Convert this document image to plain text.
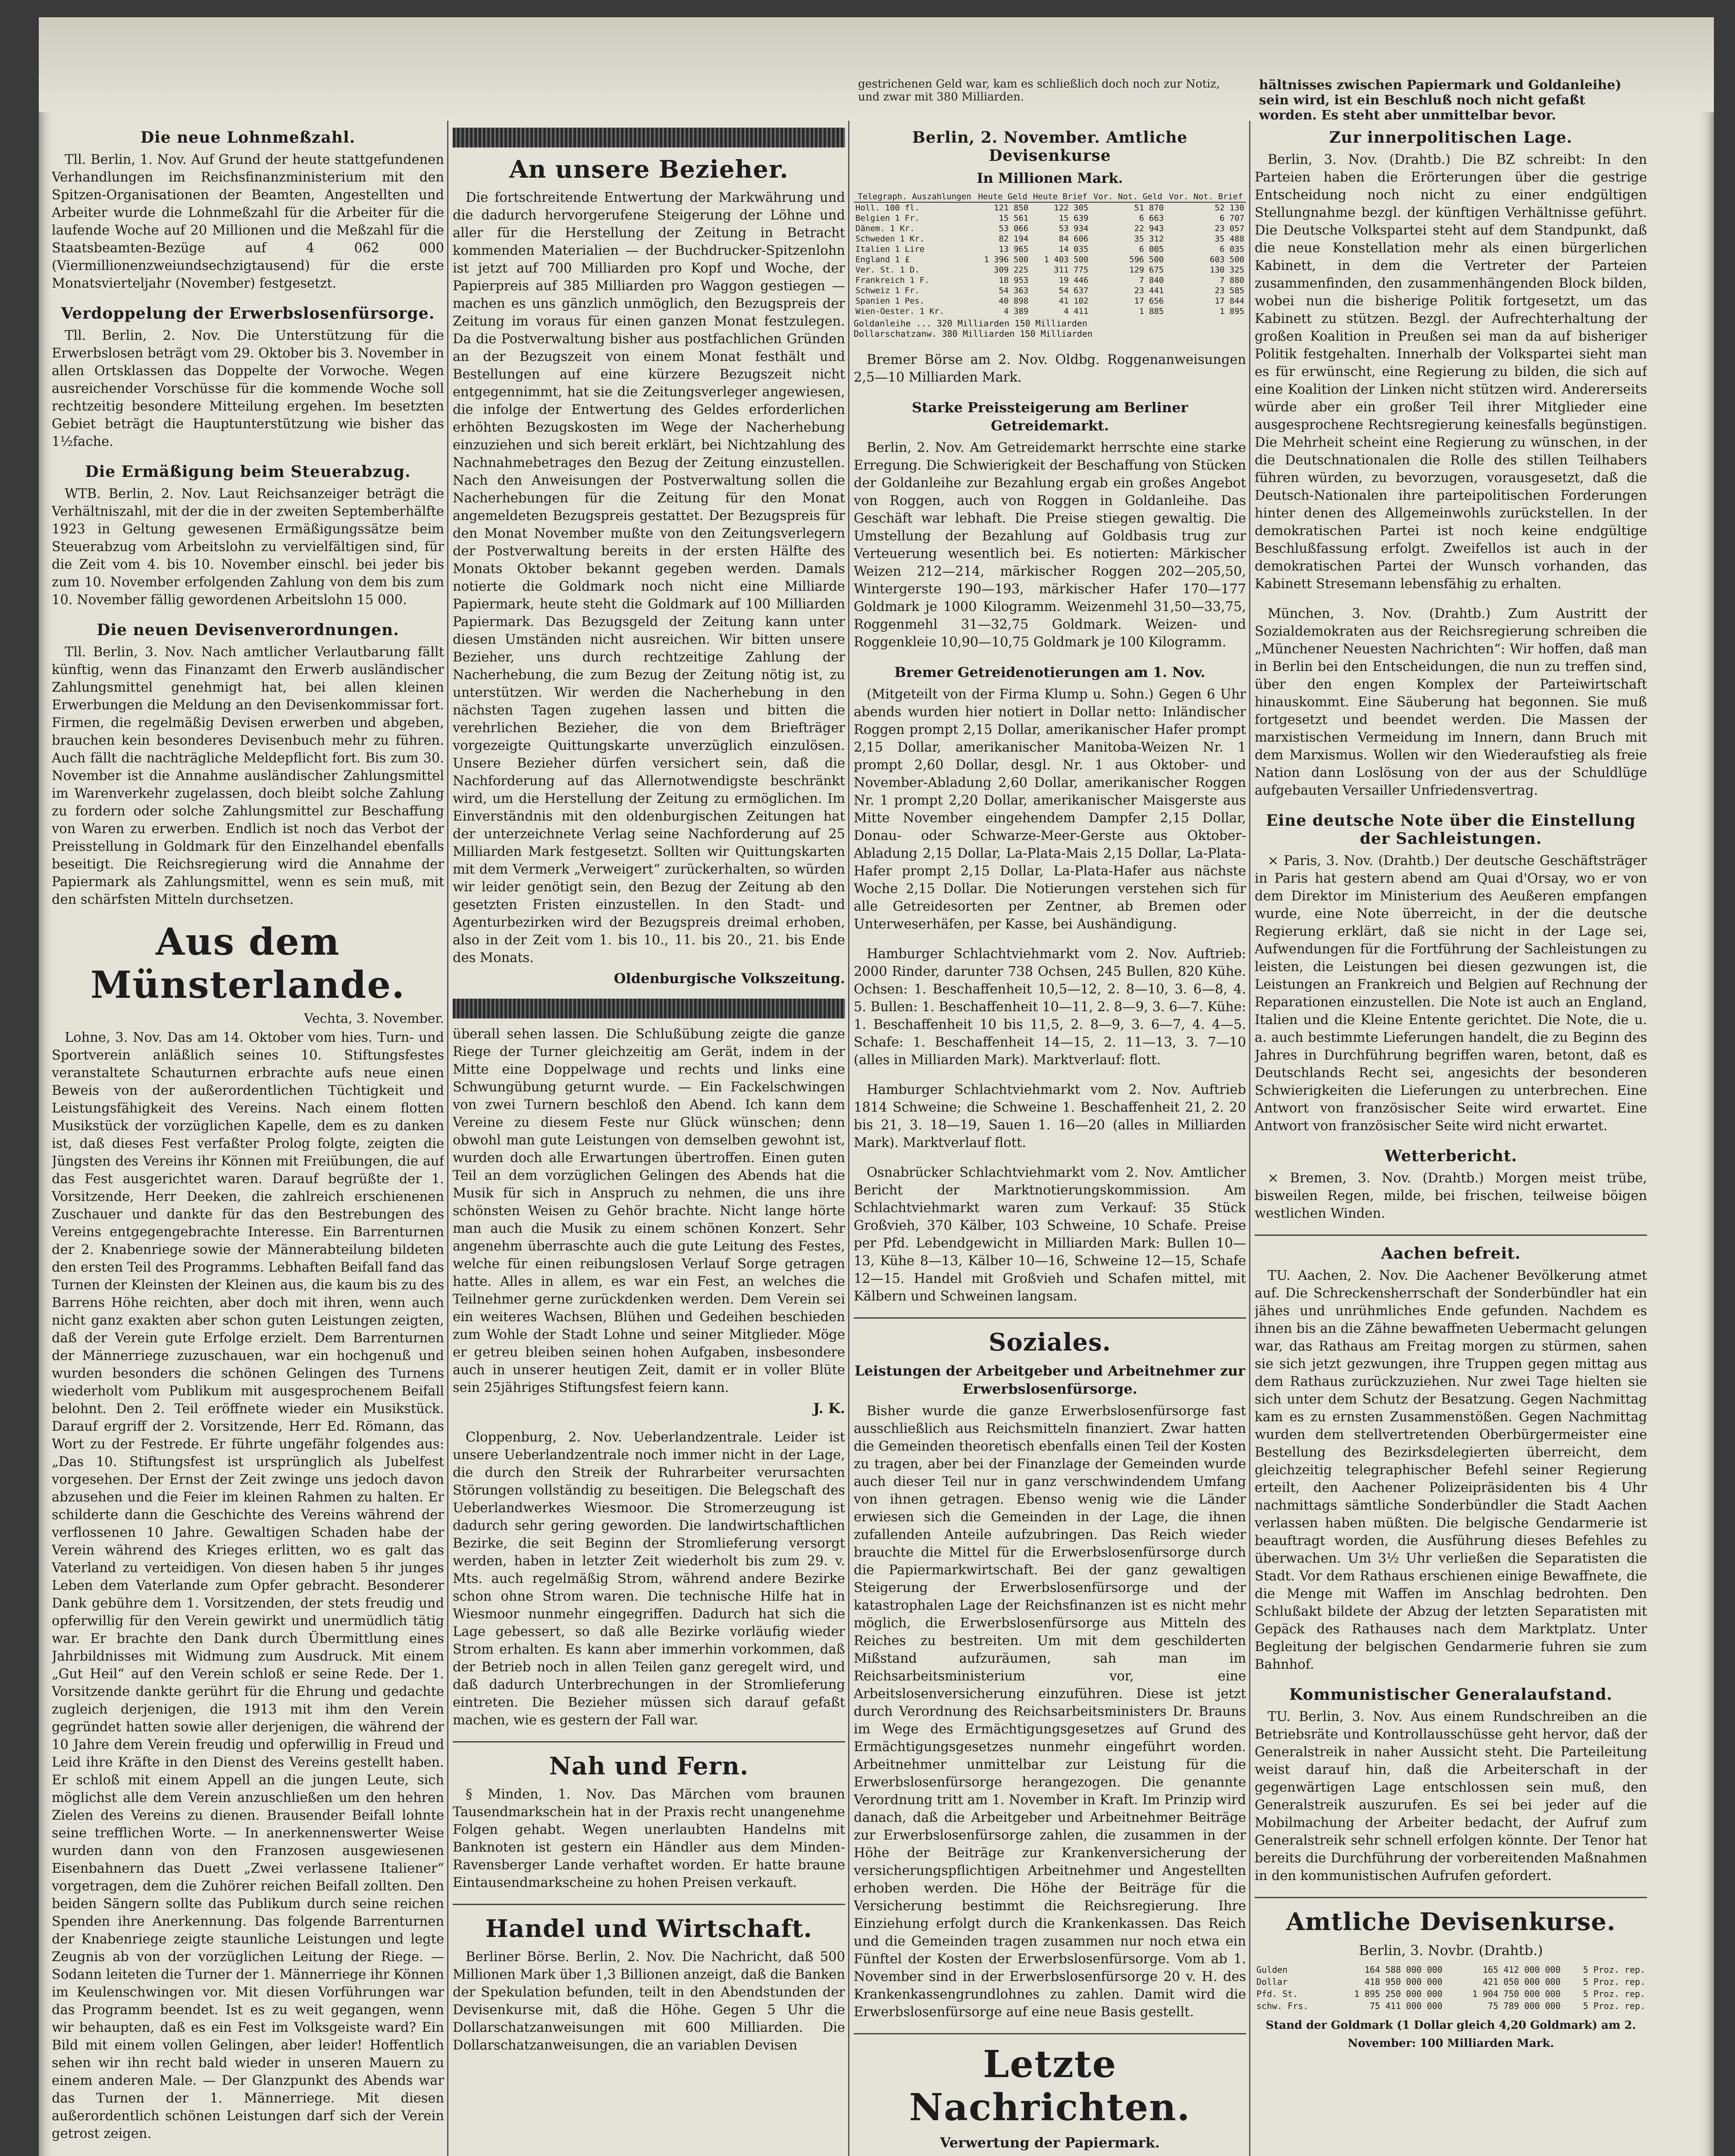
gestrichenen Geld war, kam es schließlich doch noch zur Notiz, und zwar mit 380 Milliarden.
hältnisses zwischen Papiermark und Goldanleihe) sein wird, ist ein Beschluß noch nicht gefaßt worden. Es steht aber unmittelbar bevor.
Die neue Lohnmeßzahl.

Tll. Berlin, 1. Nov. Auf Grund der heute stattgefundenen Verhandlungen im Reichsfinanzministerium mit den Spitzen-Organisationen der Beamten, Angestellten und Arbeiter wurde die Lohnmeßzahl für die Arbeiter für die laufende Woche auf 20 Millionen und die Meßzahl für die Staatsbeamten-Bezüge auf 4 062 000 (Viermillionenzweiundsechzigtausend) für die erste Monatsvierteljahr (November) festgesetzt.

Verdoppelung der Erwerbslosenfürsorge.

Tll. Berlin, 2. Nov. Die Unterstützung für die Erwerbslosen beträgt vom 29. Oktober bis 3. November in allen Ortsklassen das Doppelte der Vorwoche. Wegen ausreichender Vorschüsse für die kommende Woche soll rechtzeitig besondere Mitteilung ergehen. Im besetzten Gebiet beträgt die Hauptunterstützung wie bisher das 1½fache.

Die Ermäßigung beim Steuerabzug.

WTB. Berlin, 2. Nov. Laut Reichsanzeiger beträgt die Verhältniszahl, mit der die in der zweiten Septemberhälfte 1923 in Geltung gewesenen Ermäßigungssätze beim Steuerabzug vom Arbeitslohn zu vervielfältigen sind, für die Zeit vom 4. bis 10. November einschl. bei jeder bis zum 10. November erfolgenden Zahlung von dem bis zum 10. November fällig gewordenen Arbeitslohn 15 000.

Die neuen Devisenverordnungen.

Tll. Berlin, 3. Nov. Nach amtlicher Verlautbarung fällt künftig, wenn das Finanzamt den Erwerb ausländischer Zahlungsmittel genehmigt hat, bei allen kleinen Erwerbungen die Meldung an den Devisenkommissar fort. Firmen, die regelmäßig Devisen erwerben und abgeben, brauchen kein besonderes Devisenbuch mehr zu führen. Auch fällt die nachträgliche Meldepflicht fort. Bis zum 30. November ist die Annahme ausländischer Zahlungsmittel im Warenverkehr zugelassen, doch bleibt solche Zahlung zu fordern oder solche Zahlungsmittel zur Beschaffung von Waren zu erwerben. Endlich ist noch das Verbot der Preisstellung in Goldmark für den Einzelhandel ebenfalls beseitigt. Die Reichsregierung wird die Annahme der Papiermark als Zahlungsmittel, wenn es sein muß, mit den schärfsten Mitteln durchsetzen.

Aus dem Münsterlande.
Vechta, 3. November.

Lohne, 3. Nov. Das am 14. Oktober vom hies. Turn- und Sportverein anläßlich seines 10. Stiftungsfestes veranstaltete Schauturnen erbrachte aufs neue einen Beweis von der außerordentlichen Tüchtigkeit und Leistungsfähigkeit des Vereins. Nach einem flotten Musikstück der vorzüglichen Kapelle, dem es zu danken ist, daß dieses Fest verfaßter Prolog folgte, zeigten die Jüngsten des Vereins ihr Können mit Freiübungen, die auf das Fest ausgerichtet waren. Darauf begrüßte der 1. Vorsitzende, Herr Deeken, die zahlreich erschienenen Zuschauer und dankte für das den Bestrebungen des Vereins entgegengebrachte Interesse. Ein Barrenturnen der 2. Knabenriege sowie der Männerabteilung bildeten den ersten Teil des Programms. Lebhaften Beifall fand das Turnen der Kleinsten der Kleinen aus, die kaum bis zu des Barrens Höhe reichten, aber doch mit ihren, wenn auch nicht ganz exakten aber schon guten Leistungen zeigten, daß der Verein gute Erfolge erzielt. Dem Barrenturnen der Männerriege zuzuschauen, war ein hochgenuß und wurden besonders die schönen Gelingen des Turnens wiederholt vom Publikum mit ausgesprochenem Beifall belohnt. Den 2. Teil eröffnete wieder ein Musikstück. Darauf ergriff der 2. Vorsitzende, Herr Ed. Römann, das Wort zu der Festrede. Er führte ungefähr folgendes aus: „Das 10. Stiftungsfest ist ursprünglich als Jubelfest vorgesehen. Der Ernst der Zeit zwinge uns jedoch davon abzusehen und die Feier im kleinen Rahmen zu halten. Er schilderte dann die Geschichte des Vereins während der verflossenen 10 Jahre. Gewaltigen Schaden habe der Verein während des Krieges erlitten, wo es galt das Vaterland zu verteidigen. Von diesen haben 5 ihr junges Leben dem Vaterlande zum Opfer gebracht. Besonderer Dank gebühre dem 1. Vorsitzenden, der stets freudig und opferwillig für den Verein gewirkt und unermüdlich tätig war. Er brachte den Dank durch Übermittlung eines Jahrbildnisses mit Widmung zum Ausdruck. Mit einem „Gut Heil“ auf den Verein schloß er seine Rede. Der 1. Vorsitzende dankte gerührt für die Ehrung und gedachte zugleich derjenigen, die 1913 mit ihm den Verein gegründet hatten sowie aller derjenigen, die während der 10 Jahre dem Verein freudig und opferwillig in Freud und Leid ihre Kräfte in den Dienst des Vereins gestellt haben. Er schloß mit einem Appell an die jungen Leute, sich möglichst alle dem Verein anzuschließen um den hehren Zielen des Vereins zu dienen. Brausender Beifall lohnte seine trefflichen Worte. — In anerkennenswerter Weise wurden dann von den Franzosen ausgewiesenen Eisenbahnern das Duett „Zwei verlassene Italiener“ vorgetragen, dem die Zuhörer reichen Beifall zollten. Den beiden Sängern sollte das Publikum durch seine reichen Spenden ihre Anerkennung. Das folgende Barrenturnen der Knabenriege zeigte staunliche Leistungen und legte Zeugnis ab von der vorzüglichen Leitung der Riege. — Sodann leiteten die Turner der 1. Männerriege ihr Können im Keulenschwingen vor. Mit diesen Vorführungen war das Programm beendet. Ist es zu weit gegangen, wenn wir behaupten, daß es ein Fest im Volksgeiste ward? Ein Bild mit einem vollen Gelingen, aber leider! Hoffentlich sehen wir ihn recht bald wieder in unseren Mauern zu einem anderen Male. — Der Glanzpunkt des Abends war das Turnen der 1. Männerriege. Mit diesen außerordentlich schönen Leistungen darf sich der Verein getrost zeigen.

An unsere Bezieher.

Die fortschreitende Entwertung der Markwährung und die dadurch hervorgerufene Steigerung der Löhne und aller für die Herstellung der Zeitung in Betracht kommenden Materialien — der Buchdrucker-Spitzenlohn ist jetzt auf 700 Milliarden pro Kopf und Woche, der Papierpreis auf 385 Milliarden pro Waggon gestiegen — machen es uns gänzlich unmöglich, den Bezugspreis der Zeitung im voraus für einen ganzen Monat festzulegen. Da die Postverwaltung bisher aus postfachlichen Gründen an der Bezugszeit von einem Monat festhält und Bestellungen auf eine kürzere Bezugszeit nicht entgegennimmt, hat sie die Zeitungsverleger angewiesen, die infolge der Entwertung des Geldes erforderlichen erhöhten Bezugskosten im Wege der Nacherhebung einzuziehen und sich bereit erklärt, bei Nichtzahlung des Nachnahmebetrages den Bezug der Zeitung einzustellen. Nach den Anweisungen der Postverwaltung sollen die Nacherhebungen für die Zeitung für den Monat angemeldeten Bezugspreis gestattet. Der Bezugspreis für den Monat November mußte von den Zeitungsverlegern der Postverwaltung bereits in der ersten Hälfte des Monats Oktober bekannt gegeben werden. Damals notierte die Goldmark noch nicht eine Milliarde Papiermark, heute steht die Goldmark auf 100 Milliarden Papiermark. Das Bezugsgeld der Zeitung kann unter diesen Umständen nicht ausreichen. Wir bitten unsere Bezieher, uns durch rechtzeitige Zahlung der Nacherhebung, die zum Bezug der Zeitung nötig ist, zu unterstützen. Wir werden die Nacherhebung in den nächsten Tagen zugehen lassen und bitten die verehrlichen Bezieher, die von dem Briefträger vorgezeigte Quittungskarte unverzüglich einzulösen. Unsere Bezieher dürfen versichert sein, daß die Nachforderung auf das Allernotwendigste beschränkt wird, um die Herstellung der Zeitung zu ermöglichen. Im Einverständnis mit den oldenburgischen Zeitungen hat der unterzeichnete Verlag seine Nachforderung auf 25 Milliarden Mark festgesetzt. Sollten wir Quittungskarten mit dem Vermerk „Verweigert“ zurückerhalten, so würden wir leider genötigt sein, den Bezug der Zeitung ab den gesetzten Fristen einzustellen. In den Stadt- und Agenturbezirken wird der Bezugspreis dreimal erhoben, also in der Zeit vom 1. bis 10., 11. bis 20., 21. bis Ende des Monats.

Oldenburgische Volkszeitung.

überall sehen lassen. Die Schlußübung zeigte die ganze Riege der Turner gleichzeitig am Gerät, indem in der Mitte eine Doppelwage und rechts und links eine Schwungübung geturnt wurde. — Ein Fackelschwingen von zwei Turnern beschloß den Abend. Ich kann dem Vereine zu diesem Feste nur Glück wünschen; denn obwohl man gute Leistungen von demselben gewohnt ist, wurden doch alle Erwartungen übertroffen. Einen guten Teil an dem vorzüglichen Gelingen des Abends hat die Musik für sich in Anspruch zu nehmen, die uns ihre schönsten Weisen zu Gehör brachte. Nicht lange hörte man auch die Musik zu einem schönen Konzert. Sehr angenehm überraschte auch die gute Leitung des Festes, welche für einen reibungslosen Verlauf Sorge getragen hatte. Alles in allem, es war ein Fest, an welches die Teilnehmer gerne zurückdenken werden. Dem Verein sei ein weiteres Wachsen, Blühen und Gedeihen beschieden zum Wohle der Stadt Lohne und seiner Mitglieder. Möge er getreu bleiben seinen hohen Aufgaben, insbesondere auch in unserer heutigen Zeit, damit er in voller Blüte sein 25jähriges Stiftungsfest feiern kann.

J. K.

Cloppenburg, 2. Nov. Ueberlandzentrale. Leider ist unsere Ueberlandzentrale noch immer nicht in der Lage, die durch den Streik der Ruhrarbeiter verursachten Störungen vollständig zu beseitigen. Die Belegschaft des Ueberlandwerkes Wiesmoor. Die Stromerzeugung ist dadurch sehr gering geworden. Die landwirtschaftlichen Bezirke, die seit Beginn der Stromlieferung versorgt werden, haben in letzter Zeit wiederholt bis zum 29. v. Mts. auch regelmäßig Strom, während andere Bezirke schon ohne Strom waren. Die technische Hilfe hat in Wiesmoor nunmehr eingegriffen. Dadurch hat sich die Lage gebessert, so daß alle Bezirke vorläufig wieder Strom erhalten. Es kann aber immerhin vorkommen, daß der Betrieb noch in allen Teilen ganz geregelt wird, und daß dadurch Unterbrechungen in der Stromlieferung eintreten. Die Bezieher müssen sich darauf gefaßt machen, wie es gestern der Fall war.

Nah und Fern.

§ Minden, 1. Nov. Das Märchen vom braunen Tausendmarkschein hat in der Praxis recht unangenehme Folgen gehabt. Wegen unerlaubten Handelns mit Banknoten ist gestern ein Händler aus dem Minden-Ravensberger Lande verhaftet worden. Er hatte braune Eintausendmarkscheine zu hohen Preisen verkauft.

Handel und Wirtschaft.

Berliner Börse. Berlin, 2. Nov. Die Nachricht, daß 500 Millionen Mark über 1,3 Billionen anzeigt, daß die Banken der Spekulation befunden, teilt in den Abendstunden der Devisenkurse mit, daß die Höhe. Gegen 5 Uhr die Dollarschatzanweisungen mit 600 Milliarden. Die Dollarschatzanweisungen, die an variablen Devisen

Berlin, 2. November. Amtliche Devisenkurse
In Millionen Mark.
Telegraph. Auszahlungen	Heute Geld	Heute Brief	Vor. Not. Geld	Vor. Not. Brief
Holl. 100 fl.	121 850	122 305	51 870	52 130
Belgien 1 Fr.	15 561	15 639	6 663	6 707
Dänem. 1 Kr.	53 066	53 934	22 943	23 057
Schweden 1 Kr.	82 194	84 606	35 312	35 488
Italien 1 Lire	13 965	14 035	6 005	6 035
England 1 £	1 396 500	1 403 500	596 500	603 500
Ver. St. 1 D.	309 225	311 775	129 675	130 325
Frankreich 1 F.	18 953	19 446	7 840	7 880
Schweiz 1 Fr.	54 363	54 637	23 441	23 585
Spanien 1 Pes.	40 898	41 102	17 656	17 844
Wien-Oester. 1 Kr.	4 389	4 411	1 885	1 895
Goldanleihe ... 320 Milliarden 150 Milliarden
Dollarschatzanw. 380 Milliarden 150 Milliarden

Bremer Börse am 2. Nov. Oldbg. Roggenanweisungen 2,5—10 Milliarden Mark.

Starke Preissteigerung am Berliner Getreidemarkt.

Berlin, 2. Nov. Am Getreidemarkt herrschte eine starke Erregung. Die Schwierigkeit der Beschaffung von Stücken der Goldanleihe zur Bezahlung ergab ein großes Angebot von Roggen, auch von Roggen in Goldanleihe. Das Geschäft war lebhaft. Die Preise stiegen gewaltig. Die Umstellung der Bezahlung auf Goldbasis trug zur Verteuerung wesentlich bei. Es notierten: Märkischer Weizen 212—214, märkischer Roggen 202—205,50, Wintergerste 190—193, märkischer Hafer 170—177 Goldmark je 1000 Kilogramm. Weizenmehl 31,50—33,75, Roggenmehl 31—32,75 Goldmark. Weizen- und Roggenkleie 10,90—10,75 Goldmark je 100 Kilogramm.

Bremer Getreidenotierungen am 1. Nov.

(Mitgeteilt von der Firma Klump u. Sohn.) Gegen 6 Uhr abends wurden hier notiert in Dollar netto: Inländischer Roggen prompt 2,15 Dollar, amerikanischer Hafer prompt 2,15 Dollar, amerikanischer Manitoba-Weizen Nr. 1 prompt 2,60 Dollar, desgl. Nr. 1 aus Oktober- und November-Abladung 2,60 Dollar, amerikanischer Roggen Nr. 1 prompt 2,20 Dollar, amerikanischer Maisgerste aus Mitte November eingehendem Dampfer 2,15 Dollar, Donau- oder Schwarze-Meer-Gerste aus Oktober-Abladung 2,15 Dollar, La-Plata-Mais 2,15 Dollar, La-Plata-Hafer prompt 2,15 Dollar, La-Plata-Hafer aus nächste Woche 2,15 Dollar. Die Notierungen verstehen sich für alle Getreidesorten per Zentner, ab Bremen oder Unterweserhäfen, per Kasse, bei Aushändigung.

Hamburger Schlachtviehmarkt vom 2. Nov. Auftrieb: 2000 Rinder, darunter 738 Ochsen, 245 Bullen, 820 Kühe. Ochsen: 1. Beschaffenheit 10,5—12, 2. 8—10, 3. 6—8, 4. 5. Bullen: 1. Beschaffenheit 10—11, 2. 8—9, 3. 6—7. Kühe: 1. Beschaffenheit 10 bis 11,5, 2. 8—9, 3. 6—7, 4. 4—5. Schafe: 1. Beschaffenheit 14—15, 2. 11—13, 3. 7—10 (alles in Milliarden Mark). Marktverlauf: flott.

Hamburger Schlachtviehmarkt vom 2. Nov. Auftrieb 1814 Schweine; die Schweine 1. Beschaffenheit 21, 2. 20 bis 21, 3. 18—19, Sauen 1. 16—20 (alles in Milliarden Mark). Marktverlauf flott.

Osnabrücker Schlachtviehmarkt vom 2. Nov. Amtlicher Bericht der Marktnotierungskommission. Am Schlachtviehmarkt waren zum Verkauf: 35 Stück Großvieh, 370 Kälber, 103 Schweine, 10 Schafe. Preise per Pfd. Lebendgewicht in Milliarden Mark: Bullen 10—13, Kühe 8—13, Kälber 10—16, Schweine 12—15, Schafe 12—15. Handel mit Großvieh und Schafen mittel, mit Kälbern und Schweinen langsam.

Soziales.
Leistungen der Arbeitgeber und Arbeitnehmer zur Erwerbslosenfürsorge.

Bisher wurde die ganze Erwerbslosenfürsorge fast ausschließlich aus Reichsmitteln finanziert. Zwar hatten die Gemeinden theoretisch ebenfalls einen Teil der Kosten zu tragen, aber bei der Finanzlage der Gemeinden wurde auch dieser Teil nur in ganz verschwindendem Umfang von ihnen getragen. Ebenso wenig wie die Länder erwiesen sich die Gemeinden in der Lage, die ihnen zufallenden Anteile aufzubringen. Das Reich wieder brauchte die Mittel für die Erwerbslosenfürsorge durch die Papiermarkwirtschaft. Bei der ganz gewaltigen Steigerung der Erwerbslosenfürsorge und der katastrophalen Lage der Reichsfinanzen ist es nicht mehr möglich, die Erwerbslosenfürsorge aus Mitteln des Reiches zu bestreiten. Um mit dem geschilderten Mißstand aufzuräumen, sah man im Reichsarbeitsministerium vor, eine Arbeitslosenversicherung einzuführen. Diese ist jetzt durch Verordnung des Reichsarbeitsministers Dr. Brauns im Wege des Ermächtigungsgesetzes auf Grund des Ermächtigungsgesetzes nunmehr eingeführt worden. Arbeitnehmer unmittelbar zur Leistung für die Erwerbslosenfürsorge herangezogen. Die genannte Verordnung tritt am 1. November in Kraft. Im Prinzip wird danach, daß die Arbeitgeber und Arbeitnehmer Beiträge zur Erwerbslosenfürsorge zahlen, die zusammen in der Höhe der Beiträge zur Krankenversicherung der versicherungspflichtigen Arbeitnehmer und Angestellten erhoben werden. Die Höhe der Beiträge für die Versicherung bestimmt die Reichsregierung. Ihre Einziehung erfolgt durch die Krankenkassen. Das Reich und die Gemeinden tragen zusammen nur noch etwa ein Fünftel der Kosten der Erwerbslosenfürsorge. Vom ab 1. November sind in der Erwerbslosenfürsorge 20 v. H. des Krankenkassengrundlohnes zu zahlen. Damit wird die Erwerbslosenfürsorge auf eine neue Basis gestellt.

Letzte Nachrichten.
Verwertung der Papiermark.

Zur innerpolitischen Lage.

Berlin, 3. Nov. (Drahtb.) Die BZ schreibt: In den Parteien haben die Erörterungen über die gestrige Entscheidung noch nicht zu einer endgültigen Stellungnahme bezgl. der künftigen Verhältnisse geführt. Die Deutsche Volkspartei steht auf dem Standpunkt, daß die neue Konstellation mehr als einen bürgerlichen Kabinett, in dem die Vertreter der Parteien zusammenfinden, den zusammenhängenden Block bilden, wobei nun die bisherige Politik fortgesetzt, um das Kabinett zu stützen. Bezgl. der Aufrechterhaltung der großen Koalition in Preußen sei man da auf bisheriger Politik festgehalten. Innerhalb der Volkspartei sieht man es für erwünscht, eine Regierung zu bilden, die sich auf eine Koalition der Linken nicht stützen wird. Andererseits würde aber ein großer Teil ihrer Mitglieder eine ausgesprochene Rechtsregierung keinesfalls begünstigen. Die Mehrheit scheint eine Regierung zu wünschen, in der die Deutschnationalen die Rolle des stillen Teilhabers führen würden, zu bevorzugen, vorausgesetzt, daß die Deutsch-Nationalen ihre parteipolitischen Forderungen hinter denen des Allgemeinwohls zurückstellen. In der demokratischen Partei ist noch keine endgültige Beschlußfassung erfolgt. Zweifellos ist auch in der demokratischen Partei der Wunsch vorhanden, das Kabinett Stresemann lebensfähig zu erhalten.

München, 3. Nov. (Drahtb.) Zum Austritt der Sozialdemokraten aus der Reichsregierung schreiben die „Münchener Neuesten Nachrichten“: Wir hoffen, daß man in Berlin bei den Entscheidungen, die nun zu treffen sind, über den engen Komplex der Parteiwirtschaft hinauskommt. Eine Säuberung hat begonnen. Sie muß fortgesetzt und beendet werden. Die Massen der marxistischen Vermeidung im Innern, dann Bruch mit dem Marxismus. Wollen wir den Wiederaufstieg als freie Nation dann Loslösung von der aus der Schuldlüge aufgebauten Versailler Unfriedensvertrag.

Eine deutsche Note über die Einstellung der Sachleistungen.

× Paris, 3. Nov. (Drahtb.) Der deutsche Geschäftsträger in Paris hat gestern abend am Quai d'Orsay, wo er von dem Direktor im Ministerium des Aeußeren empfangen wurde, eine Note überreicht, in der die deutsche Regierung erklärt, daß sie nicht in der Lage sei, Aufwendungen für die Fortführung der Sachleistungen zu leisten, die Leistungen bei diesen gezwungen ist, die Leistungen an Frankreich und Belgien auf Rechnung der Reparationen einzustellen. Die Note ist auch an England, Italien und die Kleine Entente gerichtet. Die Note, die u. a. auch bestimmte Lieferungen handelt, die zu Beginn des Jahres in Durchführung begriffen waren, betont, daß es Deutschlands Recht sei, angesichts der besonderen Schwierigkeiten die Lieferungen zu unterbrechen. Eine Antwort von französischer Seite wird erwartet. Eine Antwort von französischer Seite wird nicht erwartet.

Wetterbericht.

× Bremen, 3. Nov. (Drahtb.) Morgen meist trübe, bisweilen Regen, milde, bei frischen, teilweise böigen westlichen Winden.

Aachen befreit.

TU. Aachen, 2. Nov. Die Aachener Bevölkerung atmet auf. Die Schreckensherrschaft der Sonderbündler hat ein jähes und unrühmliches Ende gefunden. Nachdem es ihnen bis an die Zähne bewaffneten Uebermacht gelungen war, das Rathaus am Freitag morgen zu stürmen, sahen sie sich jetzt gezwungen, ihre Truppen gegen mittag aus dem Rathaus zurückzuziehen. Nur zwei Tage hielten sie sich unter dem Schutz der Besatzung. Gegen Nachmittag kam es zu ernsten Zusammenstößen. Gegen Nachmittag wurden dem stellvertretenden Oberbürgermeister eine Bestellung des Bezirksdelegierten überreicht, dem gleichzeitig telegraphischer Befehl seiner Regierung erteilt, den Aachener Polizeipräsidenten bis 4 Uhr nachmittags sämtliche Sonderbündler die Stadt Aachen verlassen haben müßten. Die belgische Gendarmerie ist beauftragt worden, die Ausführung dieses Befehles zu überwachen. Um 3½ Uhr verließen die Separatisten die Stadt. Vor dem Rathaus erschienen einige Bewaffnete, die die Menge mit Waffen im Anschlag bedrohten. Den Schlußakt bildete der Abzug der letzten Separatisten mit Gepäck des Rathauses nach dem Marktplatz. Unter Begleitung der belgischen Gendarmerie fuhren sie zum Bahnhof.

Kommunistischer Generalaufstand.

TU. Berlin, 3. Nov. Aus einem Rundschreiben an die Betriebsräte und Kontrollausschüsse geht hervor, daß der Generalstreik in naher Aussicht steht. Die Parteileitung weist darauf hin, daß die Arbeiterschaft in der gegenwärtigen Lage entschlossen sein muß, den Generalstreik auszurufen. Es sei bei jeder auf die Mobilmachung der Arbeiter bedacht, der Aufruf zum Generalstreik sehr schnell erfolgen könnte. Der Tenor hat bereits die Durchführung der vorbereitenden Maßnahmen in den kommunistischen Aufrufen gefordert.

Amtliche Devisenkurse.
Berlin, 3. Novbr. (Drahtb.)
Gulden	164 588 000 000	165 412 000 000	5 Proz. rep.
Dollar	418 950 000 000	421 050 000 000	5 Proz. rep.
Pfd. St.	1 895 250 000 000	1 904 750 000 000	5 Proz. rep.
schw. Frs.	75 411 000 000	75 789 000 000	5 Proz. rep.
Stand der Goldmark (1 Dollar gleich 4,20 Goldmark) am 2. November: 100 Milliarden Mark.
